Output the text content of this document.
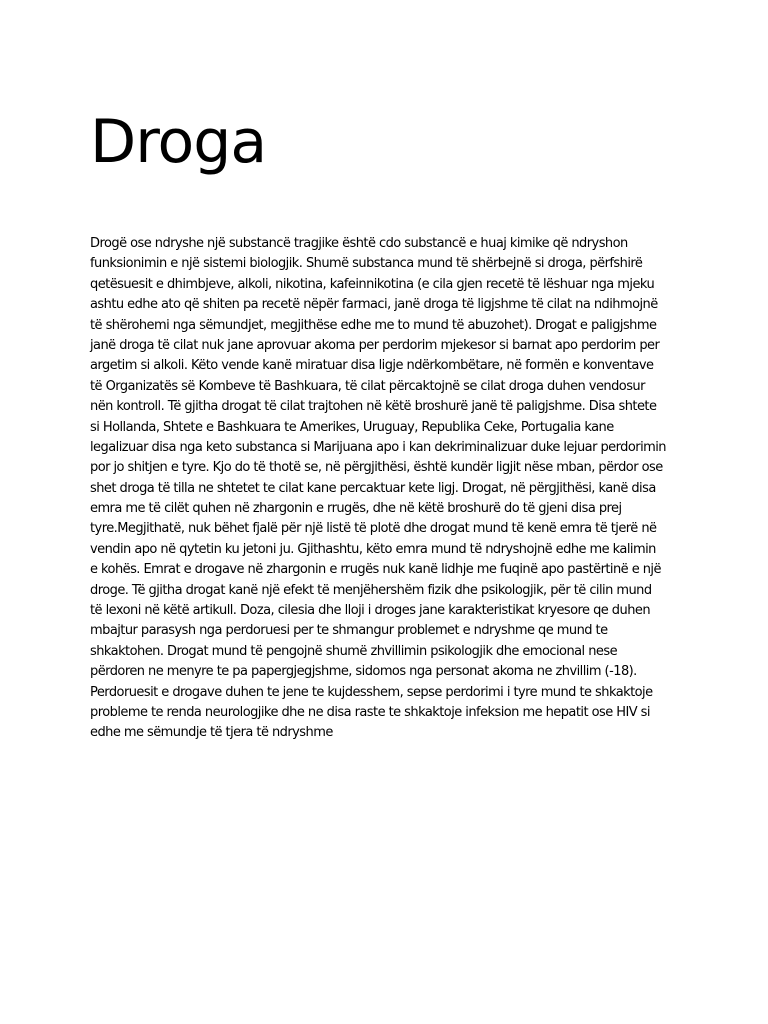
Droga
Drogë ose ndryshe një substancë tragjike është cdo substancë e huaj kimike që ndryshon
funksionimin e një sistemi biologjik. Shumë substanca mund të shërbejnë si droga, përfshirë
qetësuesit e dhimbjeve, alkoli, nikotina, kafeinnikotina (e cila gjen recetë të lëshuar nga mjeku
ashtu edhe ato që shiten pa recetë nëpër farmaci, janë droga të ligjshme të cilat na ndihmojnë
të shërohemi nga sëmundjet, megjithëse edhe me to mund të abuzohet). Drogat e paligjshme
janë droga të cilat nuk jane aprovuar akoma per perdorim mjekesor si barnat apo perdorim per
argetim si alkoli. Këto vende kanë miratuar disa ligje ndërkombëtare, në formën e konventave
të Organizatës së Kombeve të Bashkuara, të cilat përcaktojnë se cilat droga duhen vendosur
nën kontroll. Të gjitha drogat të cilat trajtohen në këtë broshurë janë të paligjshme. Disa shtete
si Hollanda, Shtete e Bashkuara te Amerikes, Uruguay, Republika Ceke, Portugalia kane
legalizuar disa nga keto substanca si Marijuana apo i kan dekriminalizuar duke lejuar perdorimin
por jo shitjen e tyre. Kjo do të thotë se, në përgjithësi, është kundër ligjit nëse mban, përdor ose
shet droga të tilla ne shtetet te cilat kane percaktuar kete ligj. Drogat, në përgjithësi, kanë disa
emra me të cilët quhen në zhargonin e rrugës, dhe në këtë broshurë do të gjeni disa prej
tyre.Megjithatë, nuk bëhet fjalë për një listë të plotë dhe drogat mund të kenë emra të tjerë në
vendin apo në qytetin ku jetoni ju. Gjithashtu, këto emra mund të ndryshojnë edhe me kalimin
e kohës. Emrat e drogave në zhargonin e rrugës nuk kanë lidhje me fuqinë apo pastërtinë e një
droge. Të gjitha drogat kanë një efekt të menjëhershëm fizik dhe psikologjik, për të cilin mund
të lexoni në këtë artikull. Doza, cilesia dhe lloji i droges jane karakteristikat kryesore qe duhen
mbajtur parasysh nga perdoruesi per te shmangur problemet e ndryshme qe mund te
shkaktohen. Drogat mund të pengojnë shumë zhvillimin psikologjik dhe emocional nese
përdoren ne menyre te pa papergjegjshme, sidomos nga personat akoma ne zhvillim (-18).
Perdoruesit e drogave duhen te jene te kujdesshem, sepse perdorimi i tyre mund te shkaktoje
probleme te renda neurologjike dhe ne disa raste te shkaktoje infeksion me hepatit ose HIV si
edhe me sëmundje të tjera të ndryshme
